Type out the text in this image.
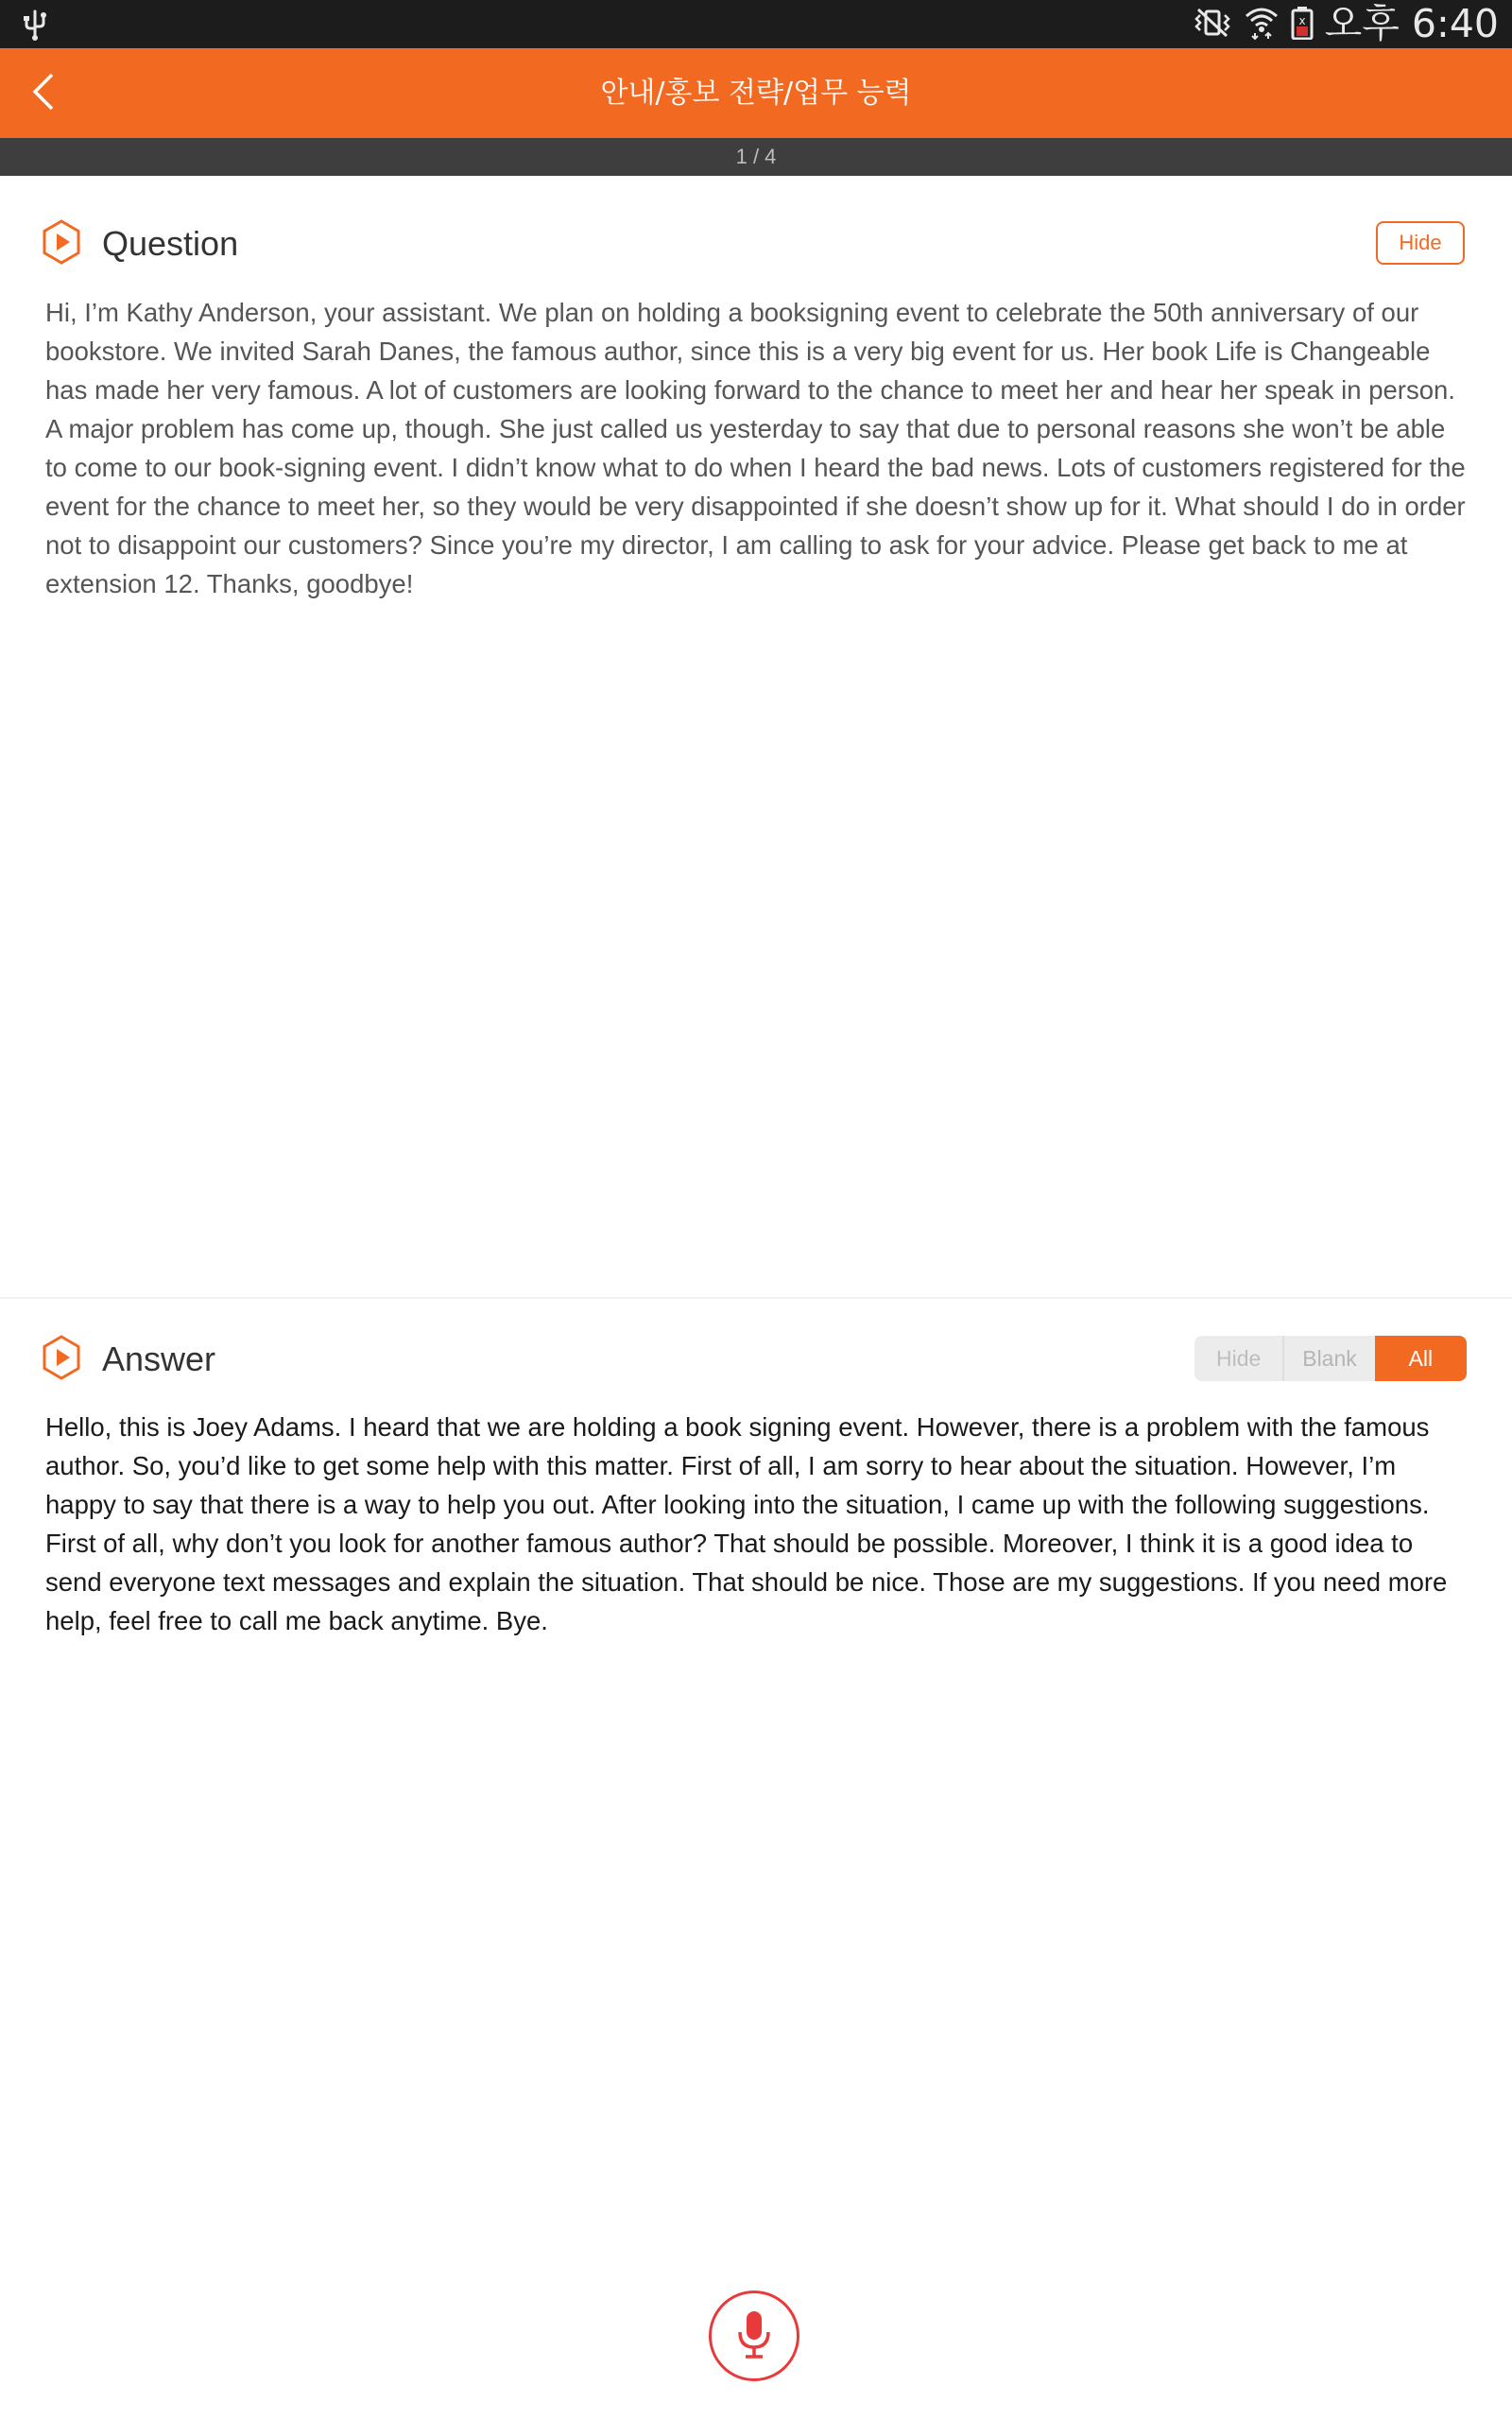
x 오후 6:40
안내/홍보 전략/업무 능력
1 / 4
Question	Hide

Hi, I’m Kathy Anderson, your assistant. We plan on holding a booksigning event to celebrate the 50th anniversary of our bookstore. We invited Sarah Danes, the famous author, since this is a very big event for us. Her book Life is Changeable has made her very famous. A lot of customers are looking forward to the chance to meet her and hear her speak in person. A major problem has come up, though. She just called us yesterday to say that due to personal reasons she won’t be able to come to our book-signing event. I didn’t know what to do when I heard the bad news. Lots of customers registered for the event for the chance to meet her, so they would be very disappointed if she doesn’t show up for it. What should I do in order not to disappoint our customers? Since you’re my director, I am calling to ask for your advice. Please get back to me at extension 12. Thanks, goodbye!

Answer	Hide	Blank	All

Hello, this is Joey Adams. I heard that we are holding a book signing event. However, there is a problem with the famous author. So, you’d like to get some help with this matter. First of all, I am sorry to hear about the situation. However, I’m happy to say that there is a way to help you out. After looking into the situation, I came up with the following suggestions. First of all, why don’t you look for another famous author? That should be possible. Moreover, I think it is a good idea to send everyone text messages and explain the situation. That should be nice. Those are my suggestions. If you need more help, feel free to call me back anytime. Bye.
